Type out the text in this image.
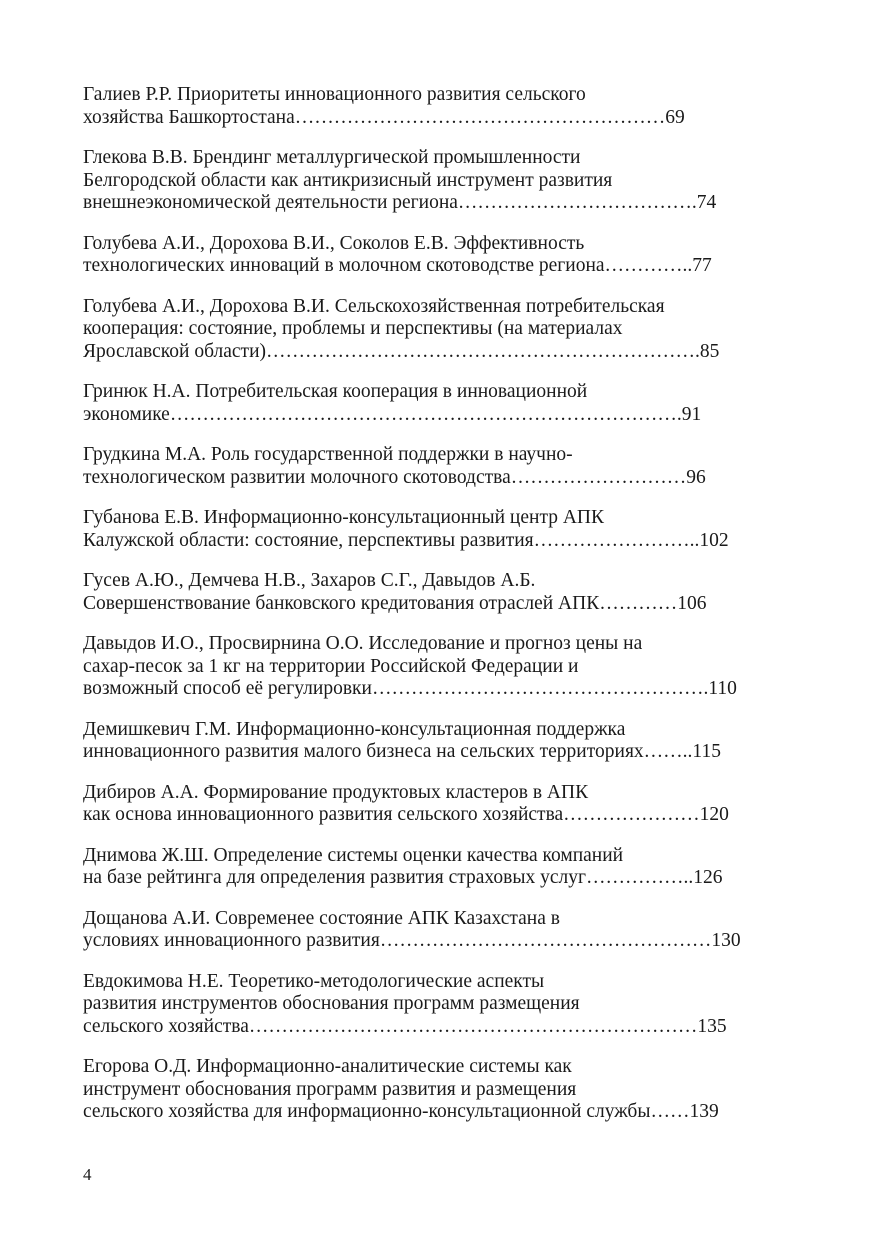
Галиев Р.Р. Приоритеты инновационного развития сельского
хозяйства Башкортостана…………………………………………………69
Глекова В.В. Брендинг металлургической промышленности
Белгородской области как антикризисный инструмент развития
внешнеэкономической деятельности региона……………………………….74
Голубева А.И., Дорохова В.И., Соколов Е.В. Эффективность
технологических инноваций в молочном скотоводстве региона…………..77
Голубева А.И., Дорохова В.И. Сельскохозяйственная потребительская
кооперация: состояние, проблемы и перспективы (на материалах
Ярославской области)………………………………………………………….85
Гринюк Н.А. Потребительская кооперация в инновационной
экономике…………………………………………………………………….91
Грудкина М.А. Роль государственной поддержки в научно-
технологическом развитии молочного скотоводства………………………96
Губанова Е.В. Информационно-консультационный центр АПК
Калужской области: состояние, перспективы развития……………………..102
Гусев А.Ю., Демчева Н.В., Захаров С.Г., Давыдов А.Б.
Совершенствование банковского кредитования отраслей АПК…………106
Давыдов И.О., Просвирнина О.О. Исследование и прогноз цены на
сахар-песок за 1 кг на территории Российской Федерации и
возможный способ её регулировки…………………………………………….110
Демишкевич Г.М. Информационно-консультационная поддержка
инновационного развития малого бизнеса на сельских территориях……..115
Дибиров А.А. Формирование продуктовых кластеров в АПК
как основа инновационного развития сельского хозяйства…………………120
Днимова Ж.Ш. Определение системы оценки качества компаний
на базе рейтинга для определения развития страховых услуг……………..126
Дощанова А.И. Современее состояние АПК Казахстана в
условиях инновационного развития……………………………………………130
Евдокимова Н.Е. Теоретико-методологические аспекты
развития инструментов обоснования программ размещения
сельского хозяйства……………………………………………………………135
Егорова О.Д. Информационно-аналитические системы как
инструмент обоснования программ развития и размещения
сельского хозяйства для информационно-консультационной службы……139
4
